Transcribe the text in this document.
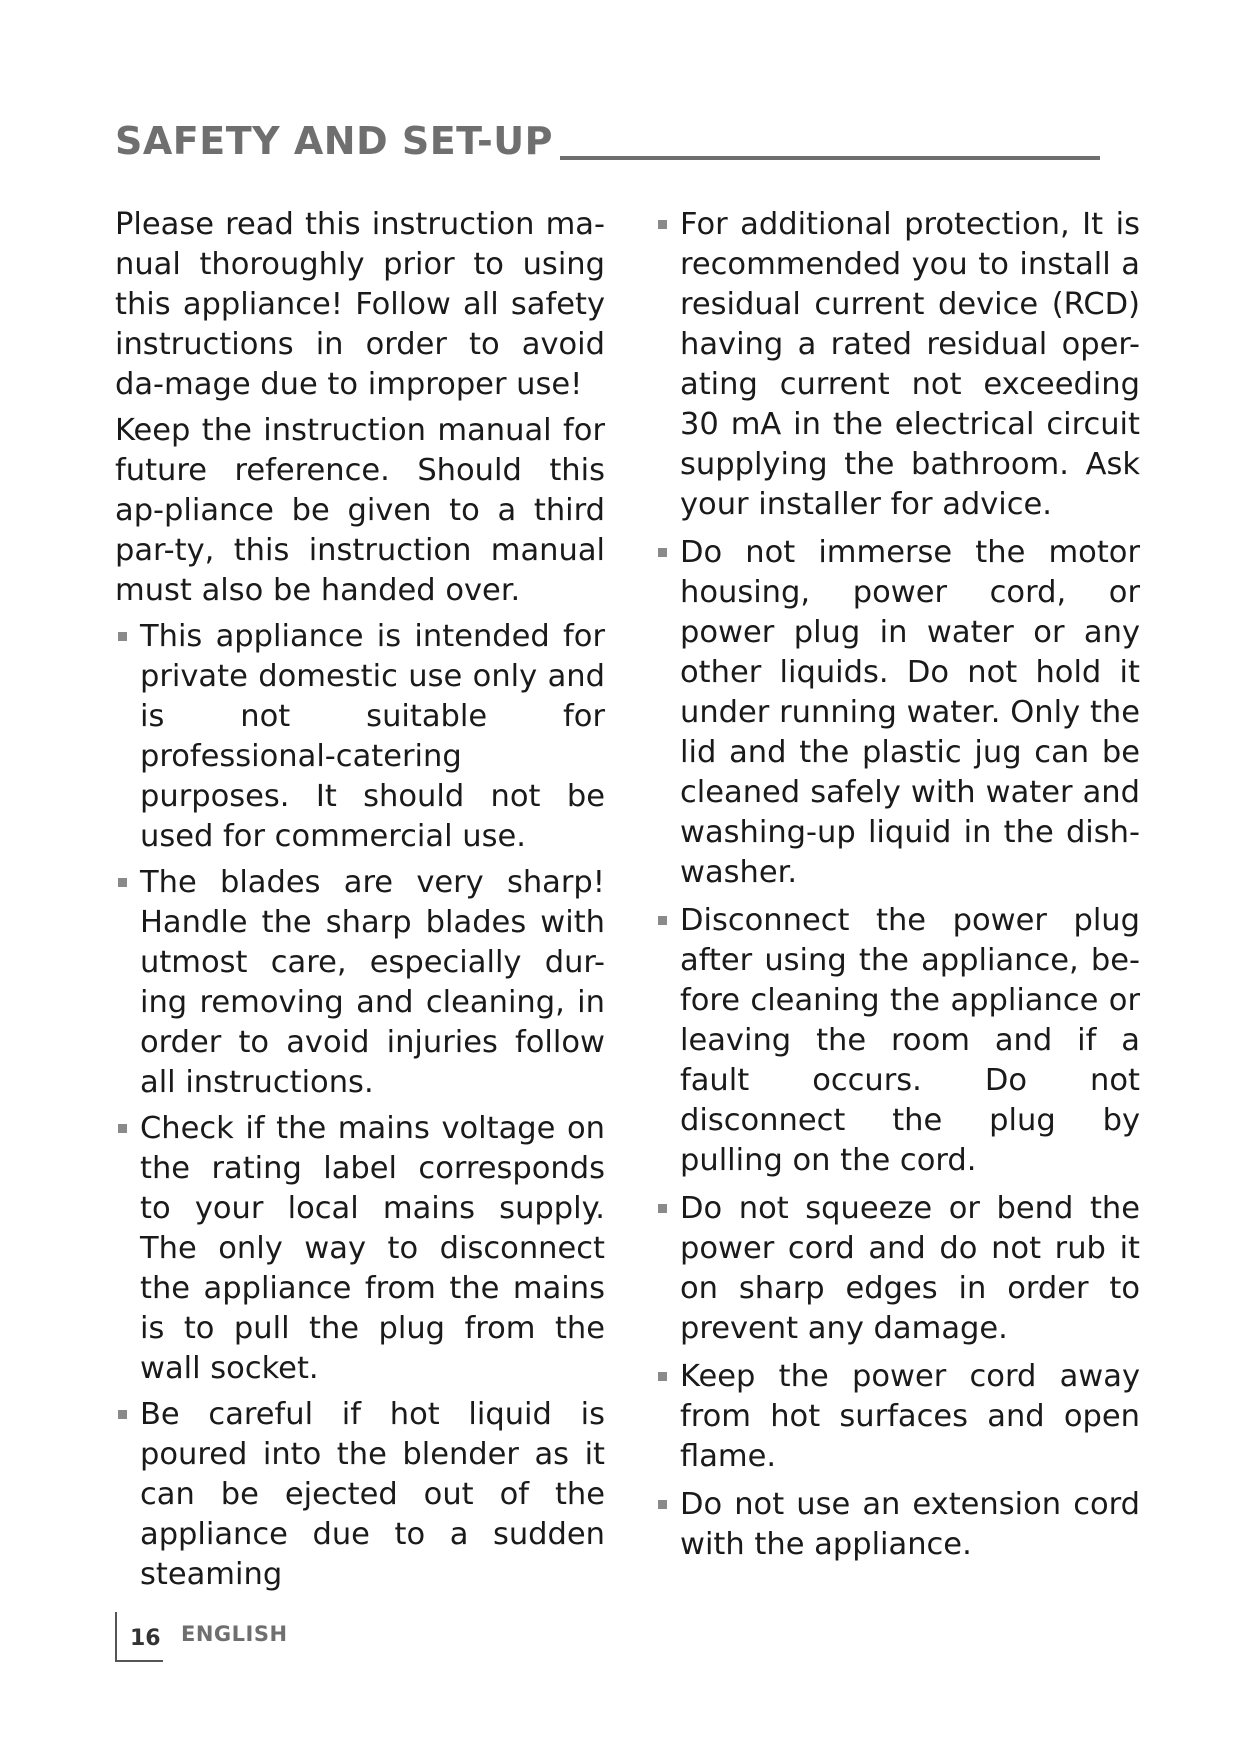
SAFETY AND SET-UP

Please read this instruction ma-nual thoroughly prior to using this appliance! Follow all safety instructions in order to avoid da-mage due to improper use!

Keep the instruction manual for future reference. Should this ap-pliance be given to a third par-ty, this instruction manual must also be handed over.

This appliance is intended for private domestic use only and is not suitable for professional-catering purposes. It should not be used for commercial use.
The blades are very sharp! Handle the sharp blades with utmost care, especially dur-ing removing and cleaning, in order to avoid injuries follow all instructions.
Check if the mains voltage on the rating label corresponds to your local mains supply. The only way to disconnect the appliance from the mains is to pull the plug from the wall socket.
Be careful if hot liquid is poured into the blender as it can be ejected out of the appliance due to a sudden steaming
For additional protection, It is recommended you to install a residual current device (RCD) having a rated residual oper-ating current not exceeding 30 mA in the electrical circuit supplying the bathroom. Ask your installer for advice.
Do not immerse the motor housing, power cord, or power plug in water or any other liquids. Do not hold it under running water. Only the lid and the plastic jug can be cleaned safely with water and washing-up liquid in the dish-washer.
Disconnect the power plug after using the appliance, be-fore cleaning the appliance or leaving the room and if a fault occurs. Do not disconnect the plug by pulling on the cord.
Do not squeeze or bend the power cord and do not rub it on sharp edges in order to prevent any damage.
Keep the power cord away from hot surfaces and open flame.
Do not use an extension cord with the appliance.
16 ENGLISH
